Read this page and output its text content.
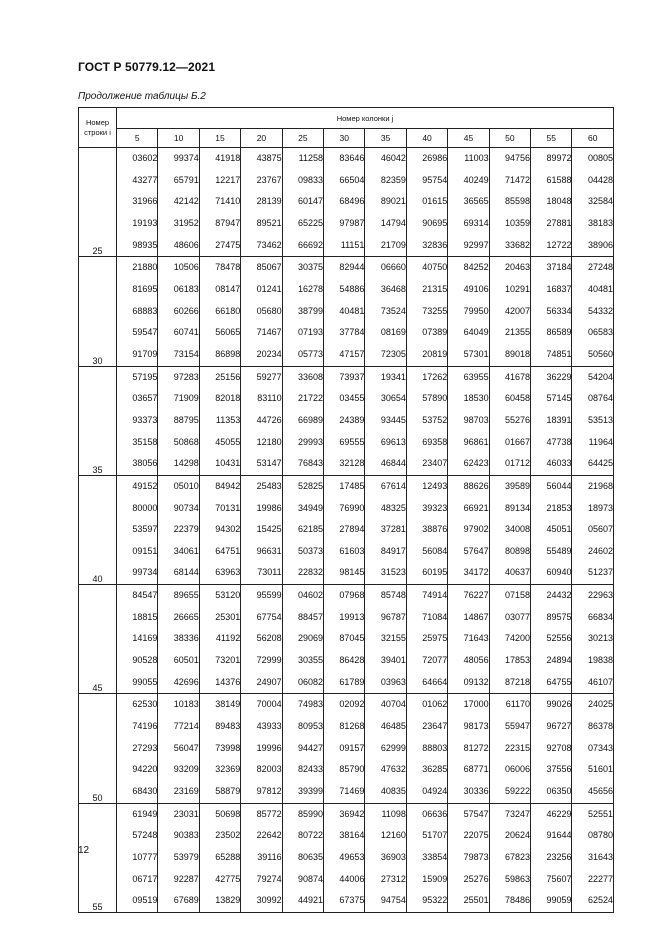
ГОСТ Р 50779.12—2021
Продолжение таблицы Б.2
Номер строки i	Номер колонки j											
	5	10	15	20	25	30	35	40	45	50	55	60
25	03602	99374	41918	43875	11258	83646	46042	26986	11003	94756	89972	00805
	43277	65791	12217	23767	09833	66504	82359	95754	40249	71472	61588	04428
	31966	42142	71410	28139	60147	68496	89021	01615	36565	85598	18048	32584
	19193	31952	87947	89521	65225	97987	14794	90695	69314	10359	27881	38183
	98935	48606	27475	73462	66692	11151	21709	32836	92997	33682	12722	38906
30	21880	10506	78478	85067	30375	82944	06660	40750	84252	20463	37184	27248
	81695	06183	08147	01241	16278	54886	36468	21315	49106	10291	16837	40481
	68883	60266	66180	05680	38799	40481	73524	73255	79950	42007	56334	54332
	59547	60741	56065	71467	07193	37784	08169	07389	64049	21355	86589	06583
	91709	73154	86898	20234	05773	47157	72305	20819	57301	89018	74851	50560
35	57195	97283	25156	59277	33608	73937	19341	17262	63955	41678	36229	54204
	03657	71909	82018	83110	21722	03455	30654	57890	18530	60458	57145	08764
	93373	88795	11353	44726	66989	24389	93445	53752	98703	55276	18391	53513
	35158	50868	45055	12180	29993	69555	69613	69358	96861	01667	47738	11964
	38056	14298	10431	53147	76843	32128	46844	23407	62423	01712	46033	64425
40	49152	05010	84942	25483	52825	17485	67614	12493	88626	39589	56044	21968
	80000	90734	70131	19986	34949	76990	48325	39323	66921	89134	21853	18973
	53597	22379	94302	15425	62185	27894	37281	38876	97902	34008	45051	05607
	09151	34061	64751	96631	50373	61603	84917	56084	57647	80898	55489	24602
	99734	68144	63963	73011	22832	98145	31523	60195	34172	40637	60940	51237
45	84547	89655	53120	95599	04602	07968	85748	74914	76227	07158	24432	22963
	18815	26665	25301	67754	88457	19913	96787	71084	14867	03077	89575	66834
	14169	38336	41192	56208	29069	87045	32155	25975	71643	74200	52556	30213
	90528	60501	73201	72999	30355	86428	39401	72077	48056	17853	24894	19838
	99055	42696	14376	24907	06082	61789	03963	64664	09132	87218	64755	46107
50	62530	10183	38149	70004	74983	02092	40704	01062	17000	61170	99026	24025
	74196	77214	89483	43933	80953	81268	46485	23647	98173	55947	96727	86378
	27293	56047	73998	19996	94427	09157	62999	88803	81272	22315	92708	07343
	94220	93209	32369	82003	82433	85790	47632	36285	68771	06006	37556	51601
	68430	23169	58879	97812	39399	71469	40835	04924	30336	59222	06350	45656
55	61949	23031	50698	85772	85990	36942	11098	06636	57547	73247	46229	52551
	57248	90383	23502	22642	80722	38164	12160	51707	22075	20624	91644	08780
	10777	53979	65288	39116	80635	49653	36903	33854	79873	67823	23256	31643
	06717	92287	42775	79274	90874	44006	27312	15909	25276	59863	75607	22277
	09519	67689	13829	30992	44921	67375	94754	95322	25501	78486	99059	62524
12
